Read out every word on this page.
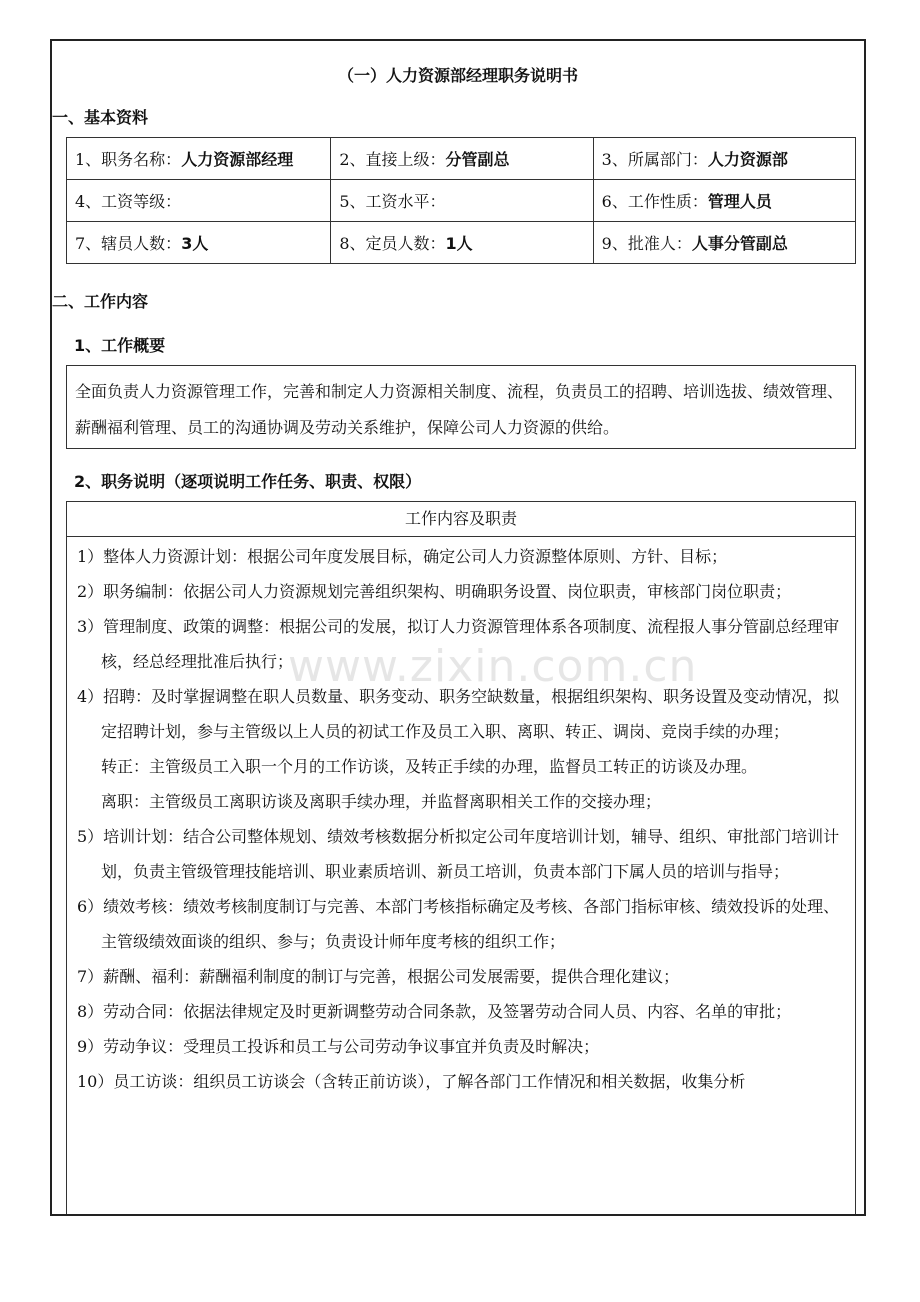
www.zixin.com.cn
（一）人力资源部经理职务说明书
一、基本资料
1、职务名称：人力资源部经理	2、直接上级：分管副总	3、所属部门：人力资源部
4、工资等级：	5、工资水平：	6、工作性质：管理人员
7、辖员人数：3人	8、定员人数：1人	9、批准人：人事分管副总
二、工作内容
1、工作概要
全面负责人力资源管理工作，完善和制定人力资源相关制度、流程，负责员工的招聘、培训选拔、绩效管理、薪酬福利管理、员工的沟通协调及劳动关系维护，保障公司人力资源的供给。
2、职务说明（逐项说明工作任务、职责、权限）
工作内容及职责
1）整体人力资源计划：根据公司年度发展目标，确定公司人力资源整体原则、方针、目标；
2）职务编制：依据公司人力资源规划完善组织架构、明确职务设置、岗位职责，审核部门岗位职责；
3）管理制度、政策的调整：根据公司的发展，拟订人力资源管理体系各项制度、流程报人事分管副总经理审核，经总经理批准后执行；
4）招聘：及时掌握调整在职人员数量、职务变动、职务空缺数量，根据组织架构、职务设置及变动情况，拟定招聘计划，参与主管级以上人员的初试工作及员工入职、离职、转正、调岗、竞岗手续的办理；
转正：主管级员工入职一个月的工作访谈，及转正手续的办理，监督员工转正的访谈及办理。
离职：主管级员工离职访谈及离职手续办理，并监督离职相关工作的交接办理；
5）培训计划：结合公司整体规划、绩效考核数据分析拟定公司年度培训计划，辅导、组织、审批部门培训计划，负责主管级管理技能培训、职业素质培训、新员工培训，负责本部门下属人员的培训与指导；
6）绩效考核：绩效考核制度制订与完善、本部门考核指标确定及考核、各部门指标审核、绩效投诉的处理、主管级绩效面谈的组织、参与；负责设计师年度考核的组织工作；
7）薪酬、福利：薪酬福利制度的制订与完善，根据公司发展需要，提供合理化建议；
8）劳动合同：依据法律规定及时更新调整劳动合同条款，及签署劳动合同人员、内容、名单的审批；
9）劳动争议：受理员工投诉和员工与公司劳动争议事宜并负责及时解决；
10）员工访谈：组织员工访谈会（含转正前访谈），了解各部门工作情况和相关数据，收集分析
